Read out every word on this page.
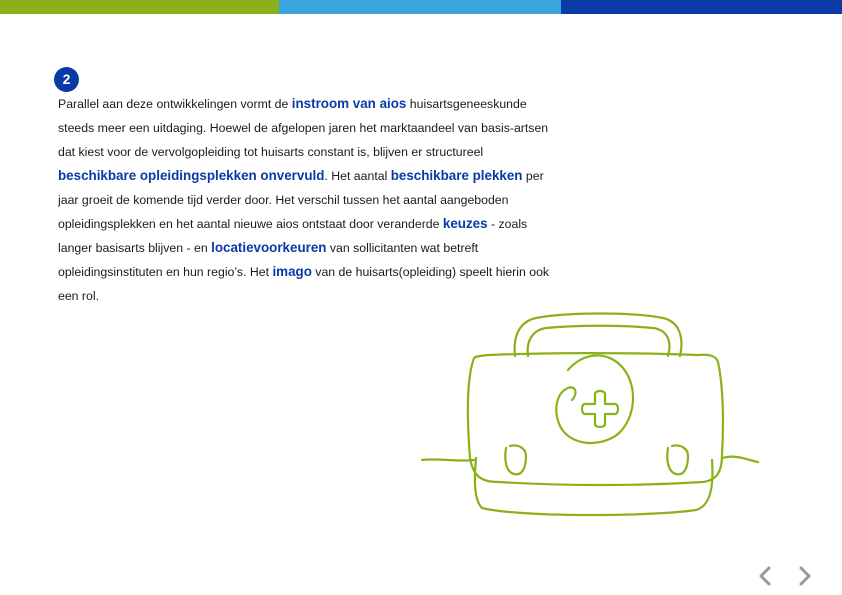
2
Parallel aan deze ontwikkelingen vormt de instroom van aios huisartsgeneeskunde steeds meer een uitdaging. Hoewel de afgelopen jaren het marktaandeel van basis-artsen dat kiest voor de vervolgopleiding tot huisarts constant is, blijven er structureel beschikbare opleidingsplekken onvervuld. Het aantal beschikbare plekken per jaar groeit de komende tijd verder door. Het verschil tussen het aantal aangeboden opleidingsplekken en het aantal nieuwe aios ontstaat door veranderde keuzes - zoals langer basisarts blijven - en locatievoorkeuren van sollicitanten wat betreft opleidingsinstituten en hun regio’s. Het imago van de huisarts(opleiding) speelt hierin ook een rol.
